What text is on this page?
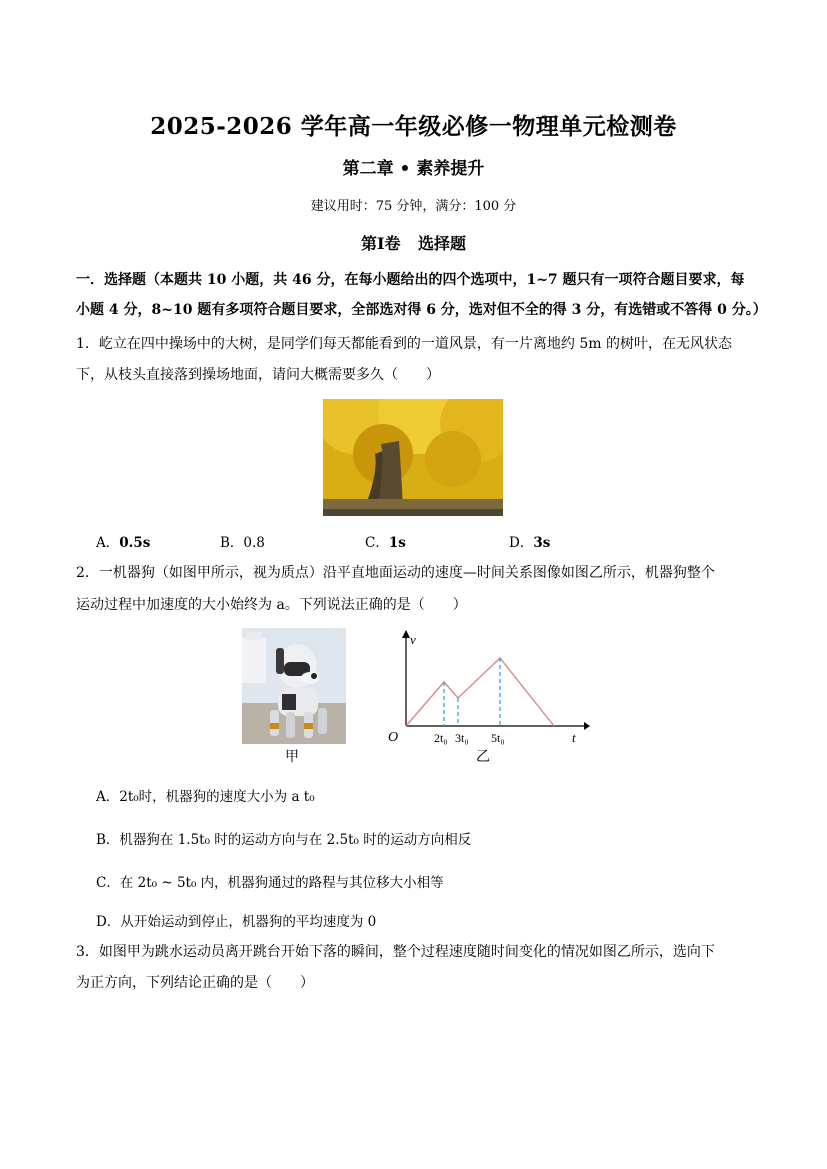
2025-2026 学年高一年级必修一物理单元检测卷
第二章 • 素养提升
建议用时：75 分钟，满分：100 分
第Ⅰ卷 选择题
一．选择题（本题共 10 小题，共 46 分，在每小题给出的四个选项中，1~7 题只有一项符合题目要求，每
小题 4 分，8~10 题有多项符合题目要求，全部选对得 6 分，选对但不全的得 3 分，有选错或不答得 0 分。）
1．屹立在四中操场中的大树，是同学们每天都能看到的一道风景，有一片离地约 5m 的树叶，在无风状态
下，从枝头直接落到操场地面，请问大概需要多久（　　）
A．0.5s	B．0.8	C．1s	D．3s
2．一机器狗（如图甲所示，视为质点）沿平直地面运动的速度—时间关系图像如图乙所示，机器狗整个
运动过程中加速度的大小始终为 a。下列说法正确的是（　　）
甲
v
t
O	2t₀ 3t₀ 5t₀
乙
A．2t₀时，机器狗的速度大小为 a t₀
B．机器狗在 1.5t₀ 时的运动方向与在 2.5t₀ 时的运动方向相反
C．在 2t₀ ~ 5t₀ 内，机器狗通过的路程与其位移大小相等
D．从开始运动到停止，机器狗的平均速度为 0
3．如图甲为跳水运动员离开跳台开始下落的瞬间，整个过程速度随时间变化的情况如图乙所示，选向下
为正方向，下列结论正确的是（　　）
